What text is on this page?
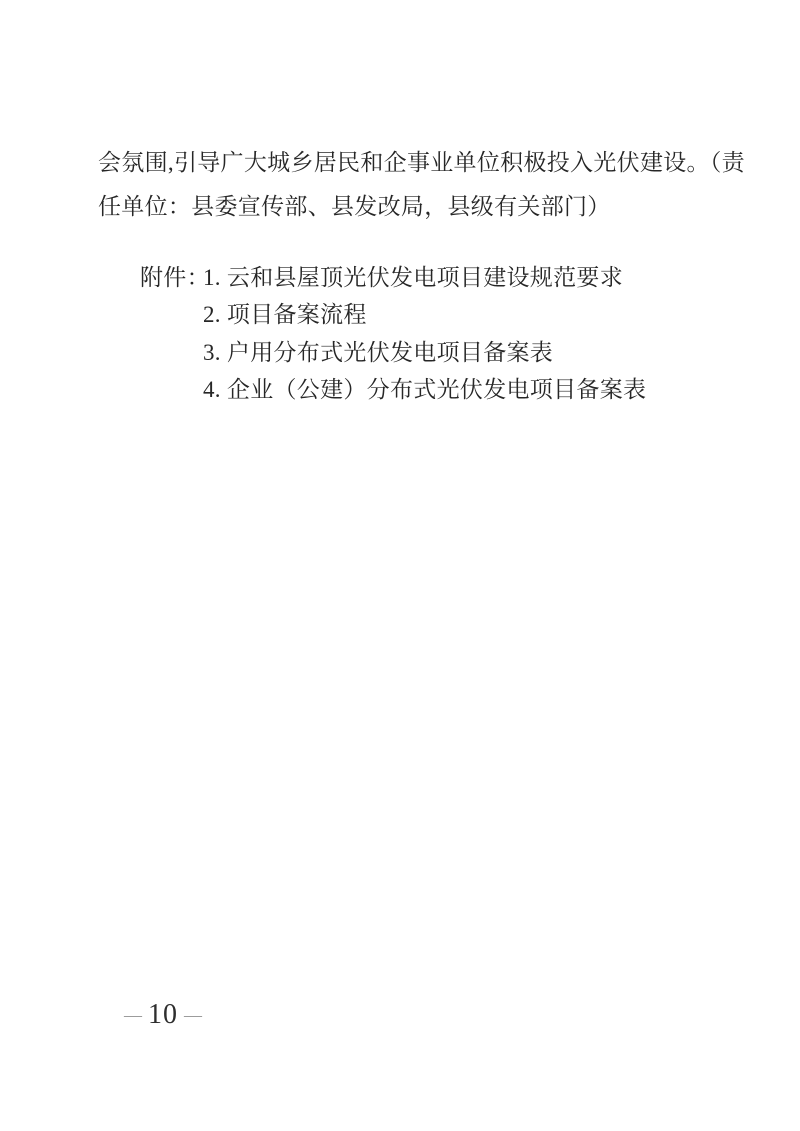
会氛围,引导广大城乡居民和企事业单位积极投入光伏建设。（责
任单位：县委宣传部、县发改局，县级有关部门）
附件：1. 云和县屋顶光伏发电项目建设规范要求
2. 项目备案流程
3. 户用分布式光伏发电项目备案表
4. 企业（公建）分布式光伏发电项目备案表
— 10 —
